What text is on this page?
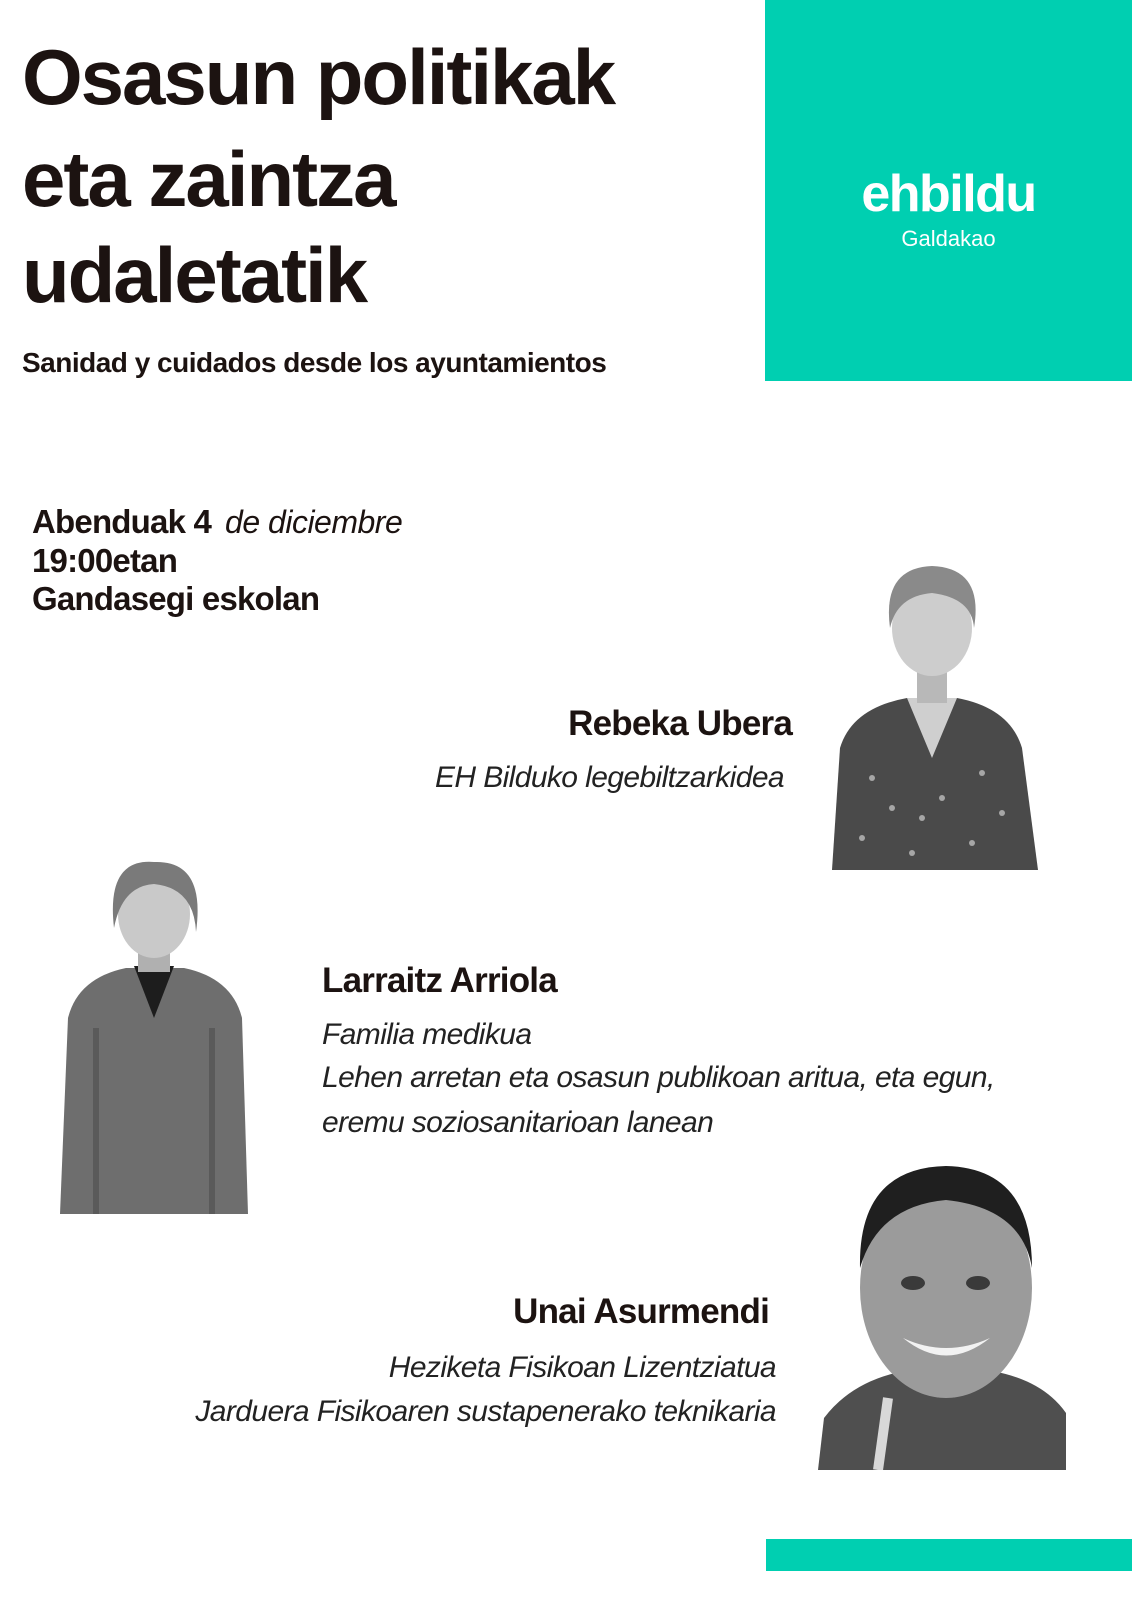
Osasun politikak
eta zaintza
udaletatik
Sanidad y cuidados desde los ayuntamientos
ehbildu
Galdakao
Abenduak 4 de diciembre
19:00etan
Gandasegi eskolan
Rebeka Ubera
EH Bilduko legebiltzarkidea
Larraitz Arriola
Familia medikua
Lehen arretan eta osasun publikoan aritua, eta egun,
eremu soziosanitarioan lanean
Unai Asurmendi
Heziketa Fisikoan Lizentziatua
Jarduera Fisikoaren sustapenerako teknikaria
